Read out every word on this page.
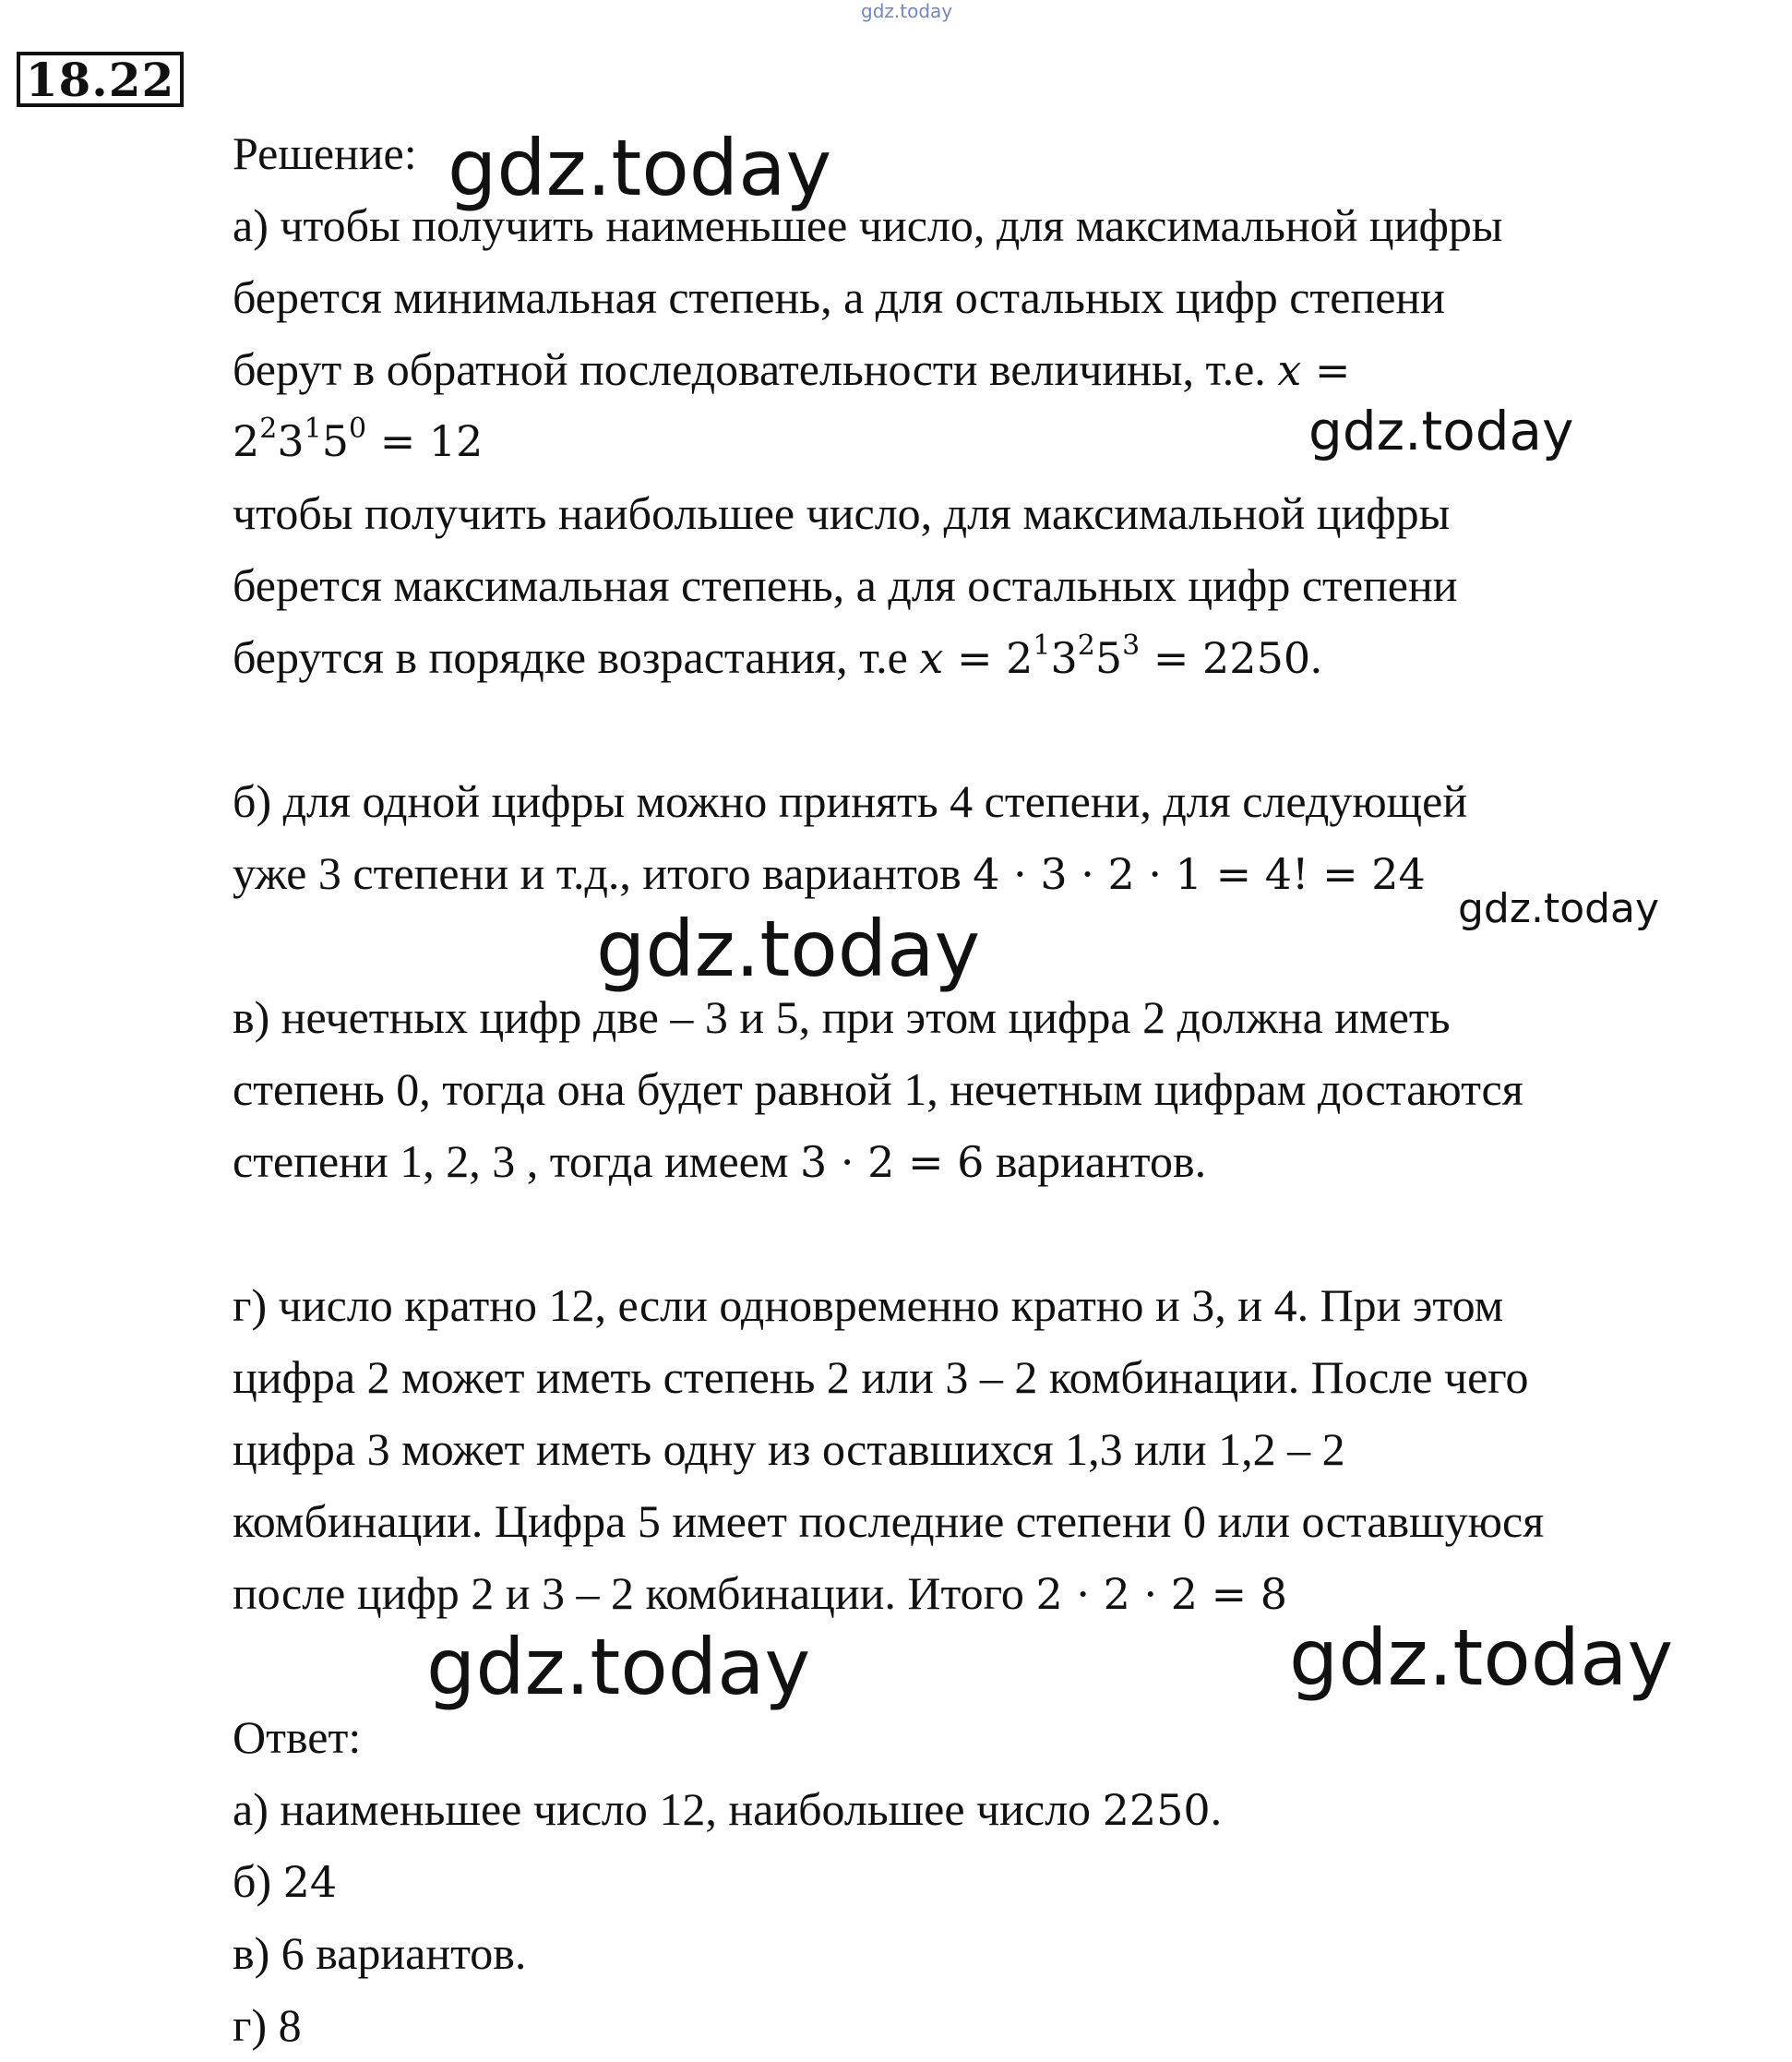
gdz.today
18.22
Решение:
а) чтобы получить наименьшее число, для максимальной цифры
берется минимальная степень, а для остальных цифр степени
берут в обратной последовательности величины, т.е. x =
$2^23^15^0 = 12$
чтобы получить наибольшее число, для максимальной цифры
берется максимальная степень, а для остальных цифр степени
берутся в порядке возрастания, т.е $x = 2^13^25^3 = 2250$.
б) для одной цифры можно принять 4 степени, для следующей
уже 3 степени и т.д., итого вариантов 4 · 3 · 2 · 1 = 4! = 24
в) нечетных цифр две – 3 и 5, при этом цифра 2 должна иметь
степень 0, тогда она будет равной 1, нечетным цифрам достаются
степени 1, 2, 3 , тогда имеем 3 · 2 = 6 вариантов.
г) число кратно 12, если одновременно кратно и 3, и 4. При этом
цифра 2 может иметь степень 2 или 3 – 2 комбинации. После чего
цифра 3 может иметь одну из оставшихся 1,3 или 1,2 – 2
комбинации. Цифра 5 имеет последние степени 0 или оставшуюся
после цифр 2 и 3 – 2 комбинации. Итого 2 · 2 · 2 = 8
Ответ:
а) наименьшее число 12, наибольшее число 2250.
б) 24
в) 6 вариантов.
г) 8
gdz.today
gdz.today
gdz.today
gdz.today
gdz.today	gdz.today
